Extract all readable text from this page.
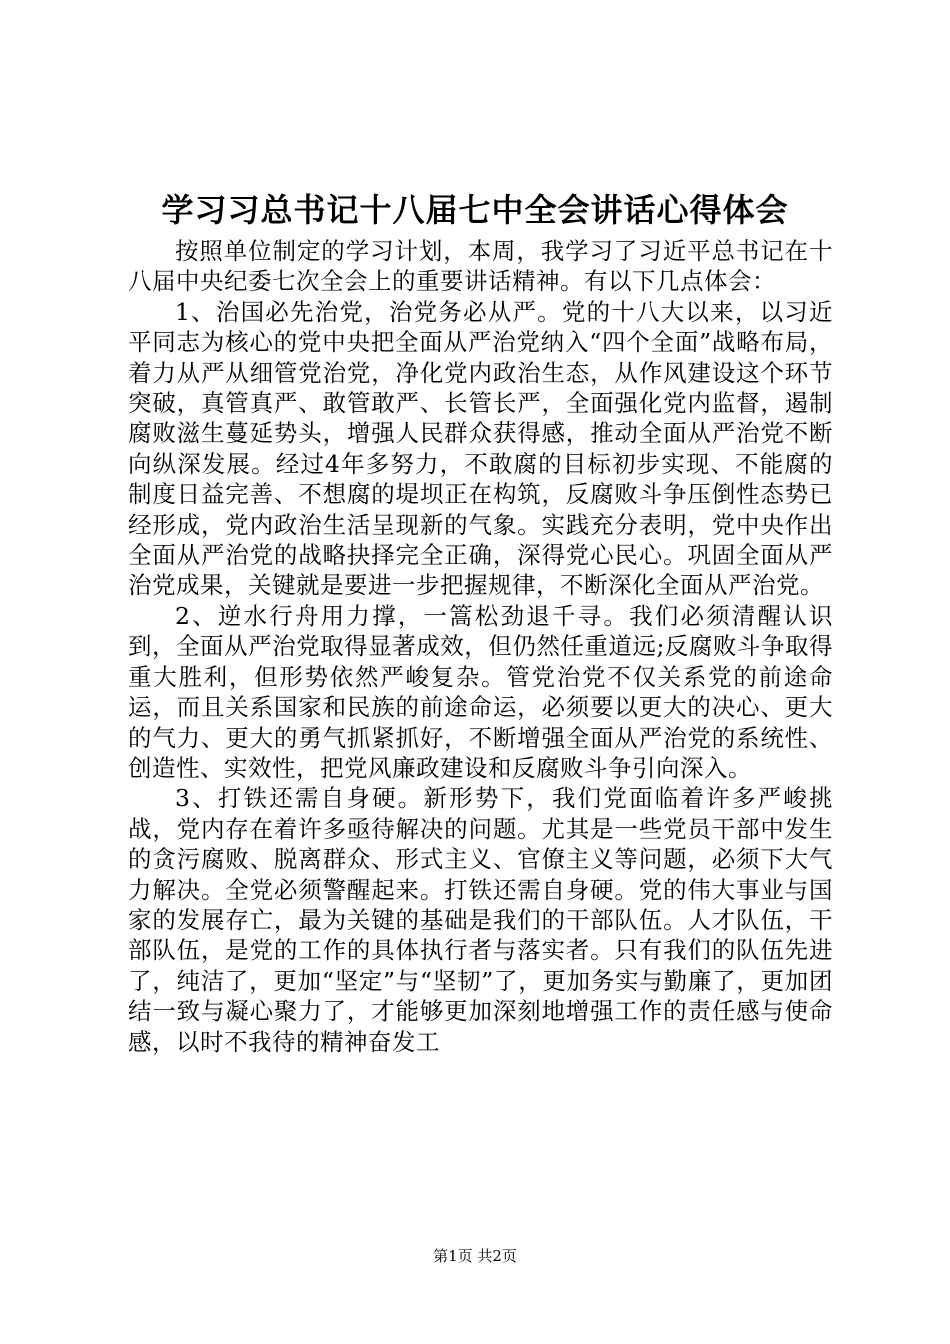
学习习总书记十八届七中全会讲话心得体会

按照单位制定的学习计划，本周，我学习了习近平总书记在十八届中央纪委七次全会上的重要讲话精神。有以下几点体会：

1、治国必先治党，治党务必从严。党的十八大以来，以习近平同志为核心的党中央把全面从严治党纳入“四个全面”战略布局，着力从严从细管党治党，净化党内政治生态，从作风建设这个环节突破，真管真严、敢管敢严、长管长严，全面强化党内监督，遏制腐败滋生蔓延势头，增强人民群众获得感，推动全面从严治党不断向纵深发展。经过4年多努力，不敢腐的目标初步实现、不能腐的制度日益完善、不想腐的堤坝正在构筑，反腐败斗争压倒性态势已经形成，党内政治生活呈现新的气象。实践充分表明，党中央作出全面从严治党的战略抉择完全正确，深得党心民心。巩固全面从严治党成果，关键就是要进一步把握规律，不断深化全面从严治党。

2、逆水行舟用力撑，一篙松劲退千寻。我们必须清醒认识到，全面从严治党取得显著成效，但仍然任重道远;反腐败斗争取得重大胜利，但形势依然严峻复杂。管党治党不仅关系党的前途命运，而且关系国家和民族的前途命运，必须要以更大的决心、更大的气力、更大的勇气抓紧抓好，不断增强全面从严治党的系统性、创造性、实效性，把党风廉政建设和反腐败斗争引向深入。

3、打铁还需自身硬。新形势下，我们党面临着许多严峻挑战，党内存在着许多亟待解决的问题。尤其是一些党员干部中发生的贪污腐败、脱离群众、形式主义、官僚主义等问题，必须下大气力解决。全党必须警醒起来。打铁还需自身硬。党的伟大事业与国家的发展存亡，最为关键的基础是我们的干部队伍。人才队伍，干部队伍，是党的工作的具体执行者与落实者。只有我们的队伍先进了，纯洁了，更加“坚定”与“坚韧”了，更加务实与勤廉了，更加团结一致与凝心聚力了，才能够更加深刻地增强工作的责任感与使命感，以时不我待的精神奋发工

第1页 共2页
